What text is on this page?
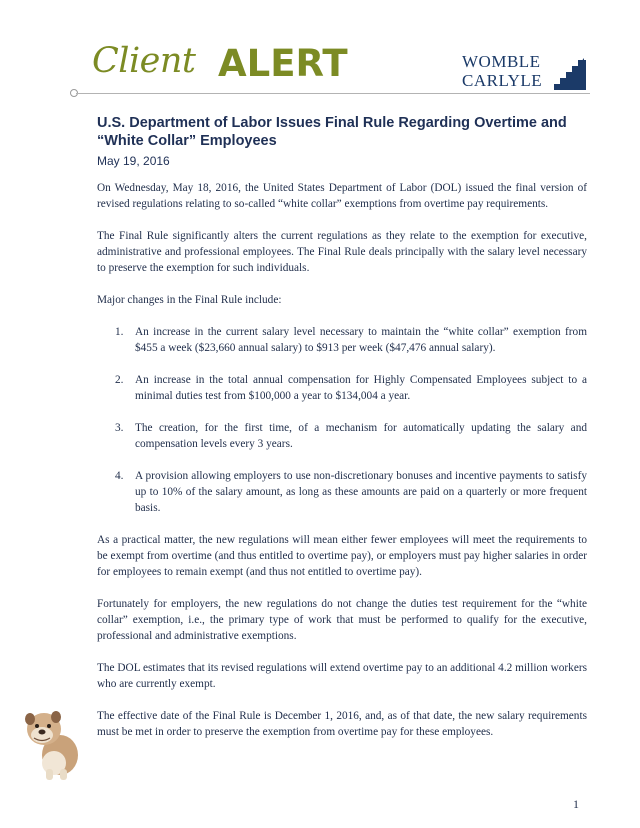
Client ALERT	WOMBLE
CARLYLE
U.S. Department of Labor Issues Final Rule Regarding Overtime and “White Collar” Employees
May 19, 2016

On Wednesday, May 18, 2016, the United States Department of Labor (DOL) issued the final version of revised regulations relating to so-called “white collar” exemptions from overtime pay requirements.

The Final Rule significantly alters the current regulations as they relate to the exemption for executive, administrative and professional employees. The Final Rule deals principally with the salary level necessary to preserve the exemption for such individuals.

Major changes in the Final Rule include:

1. An increase in the current salary level necessary to maintain the “white collar” exemption from $455 a week ($23,660 annual salary) to $913 per week ($47,476 annual salary).
2. An increase in the total annual compensation for Highly Compensated Employees subject to a minimal duties test from $100,000 a year to $134,004 a year.
3. The creation, for the first time, of a mechanism for automatically updating the salary and compensation levels every 3 years.
4. A provision allowing employers to use non-discretionary bonuses and incentive payments to satisfy up to 10% of the salary amount, as long as these amounts are paid on a quarterly or more frequent basis.

As a practical matter, the new regulations will mean either fewer employees will meet the requirements to be exempt from overtime (and thus entitled to overtime pay), or employers must pay higher salaries in order for employees to remain exempt (and thus not entitled to overtime pay).

Fortunately for employers, the new regulations do not change the duties test requirement for the “white collar” exemption, i.e., the primary type of work that must be performed to qualify for the executive, professional and administrative exemptions.

The DOL estimates that its revised regulations will extend overtime pay to an additional 4.2 million workers who are currently exempt.

The effective date of the Final Rule is December 1, 2016, and, as of that date, the new salary requirements must be met in order to preserve the exemption from overtime pay for these employees.

1
